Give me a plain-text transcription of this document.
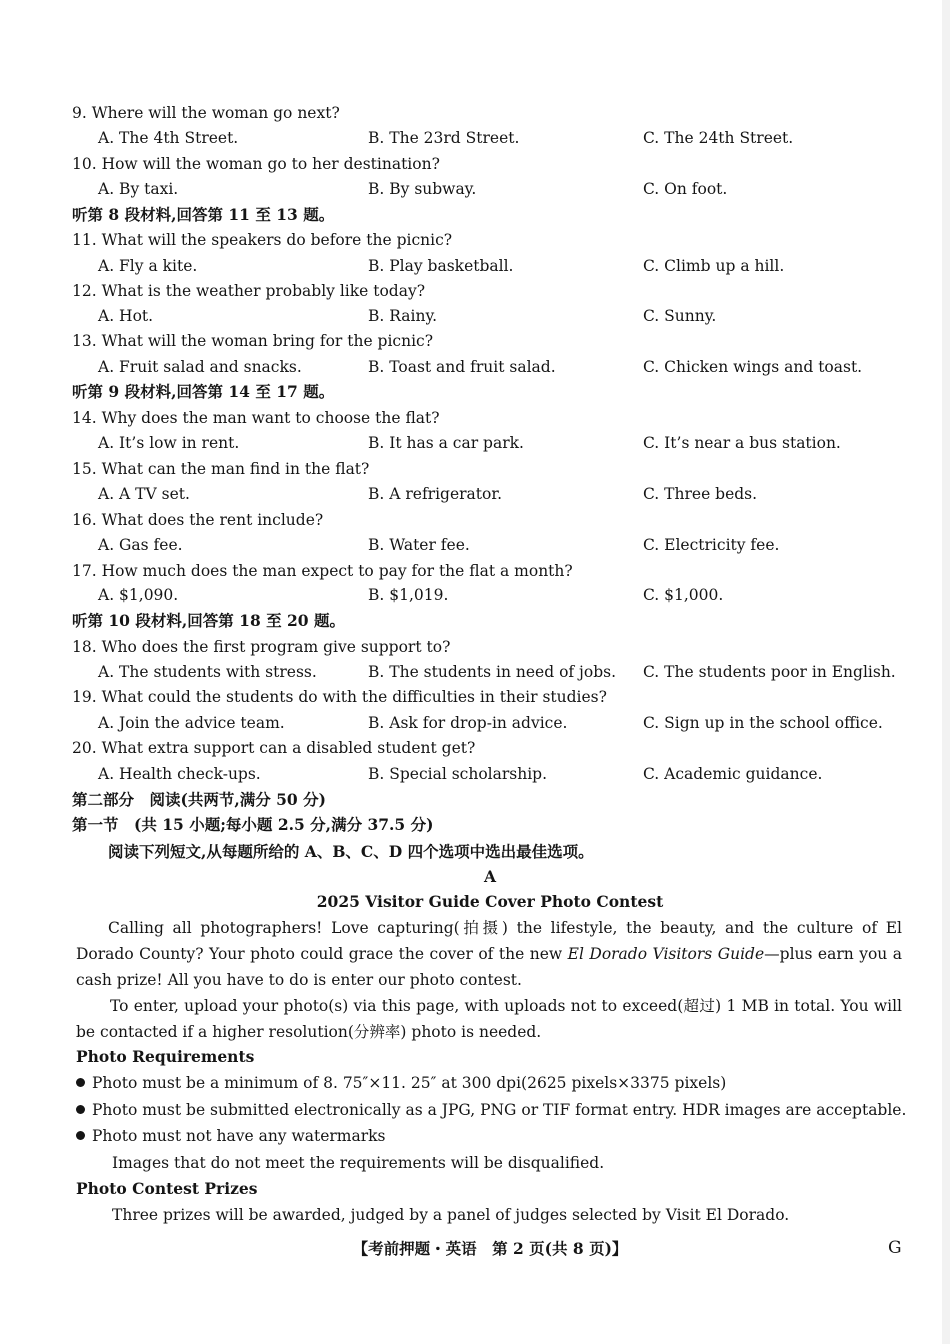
9. Where will the woman go next?
A. The 4th Street.	B. The 23rd Street.	C. The 24th Street.
10. How will the woman go to her destination?
A. By taxi.	B. By subway.	C. On foot.
听第 8 段材料,回答第 11 至 13 题。
11. What will the speakers do before the picnic?
A. Fly a kite.	B. Play basketball.	C. Climb up a hill.
12. What is the weather probably like today?
A. Hot.	B. Rainy.	C. Sunny.
13. What will the woman bring for the picnic?
A. Fruit salad and snacks.	B. Toast and fruit salad.	C. Chicken wings and toast.
听第 9 段材料,回答第 14 至 17 题。
14. Why does the man want to choose the flat?
A. It’s low in rent.	B. It has a car park.	C. It’s near a bus station.
15. What can the man find in the flat?
A. A TV set.	B. A refrigerator.	C. Three beds.
16. What does the rent include?
A. Gas fee.	B. Water fee.	C. Electricity fee.
17. How much does the man expect to pay for the flat a month?
A. $1,090.	B. $1,019.	C. $1,000.
听第 10 段材料,回答第 18 至 20 题。
18. Who does the first program give support to?
A. The students with stress.	B. The students in need of jobs. C. The students poor in English.
19. What could the students do with the difficulties in their studies?
A. Join the advice team.	B. Ask for drop-in advice.	C. Sign up in the school office.
20. What extra support can a disabled student get?
A. Health check-ups.	B. Special scholarship.	C. Academic guidance.
第二部分　阅读(共两节,满分 50 分)
第一节　(共 15 小题;每小题 2.5 分,满分 37.5 分)
阅读下列短文,从每题所给的 A、B、C、D 四个选项中选出最佳选项。
A
2025 Visitor Guide Cover Photo Contest
Calling all photographers! Love capturing(拍摄) the lifestyle, the beauty, and the culture of El Dorado County? Your photo could grace the cover of the new El Dorado Visitors Guide—plus earn you a cash prize! All you have to do is enter our photo contest.
To enter, upload your photo(s) via this page, with uploads not to exceed(超过) 1 MB in total. You will be contacted if a higher resolution(分辨率) photo is needed.
Photo Requirements
Photo must be a minimum of 8. 75″×11. 25″ at 300 dpi(2625 pixels×3375 pixels)
Photo must be submitted electronically as a JPG, PNG or TIF format entry. HDR images are acceptable.
Photo must not have any watermarks
Images that do not meet the requirements will be disqualified.
Photo Contest Prizes
Three prizes will be awarded, judged by a panel of judges selected by Visit El Dorado.
【考前押题・英语　第 2 页(共 8 页)】	G
